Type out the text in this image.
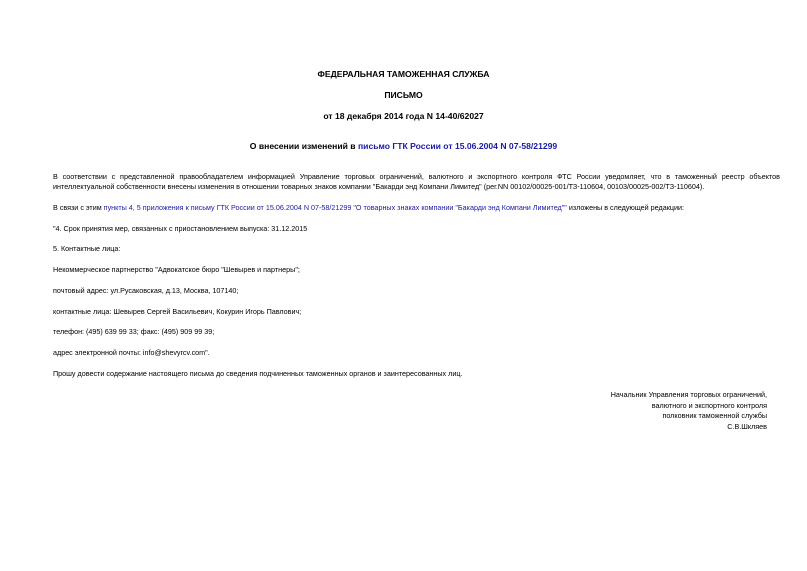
ФЕДЕРАЛЬНАЯ ТАМОЖЕННАЯ СЛУЖБА
ПИСЬМО
от 18 декабря 2014 года N 14-40/62027
О внесении изменений в письмо ГТК России от 15.06.2004 N 07-58/21299
В соответствии с представленной правообладателем информацией Управление торговых ограничений, валютного и экспортного контроля ФТС России уведомляет, что в таможенный реестр объектов интеллектуальной собственности внесены изменения в отношении товарных знаков компании "Бакарди энд Компани Лимитед" (рег.NN 00102/00025-001/ТЗ-110604, 00103/00025-002/ТЗ-110604).
В связи с этим пункты 4, 5 приложения к письму ГТК России от 15.06.2004 N 07-58/21299 "О товарных знаках компании "Бакарди энд Компани Лимитед"" изложены в следующей редакции:
"4. Срок принятия мер, связанных с приостановлением выпуска: 31.12.2015
5. Контактные лица:
Некоммерческое партнерство "Адвокатское бюро "Шевырев и партнеры";
почтовый адрес: ул.Русаковская, д.13, Москва, 107140;
контактные лица: Шевырев Сергей Васильевич, Кокурин Игорь Павлович;
телефон: (495) 639 99 33; факс: (495) 909 99 39;
адрес электронной почты: info@shevyrcv.com".
Прошу довести содержание настоящего письма до сведения подчиненных таможенных органов и заинтересованных лиц.
Начальник Управления торговых ограничений,
валютного и экспортного контроля
полковник таможенной службы
С.В.Шкляев
